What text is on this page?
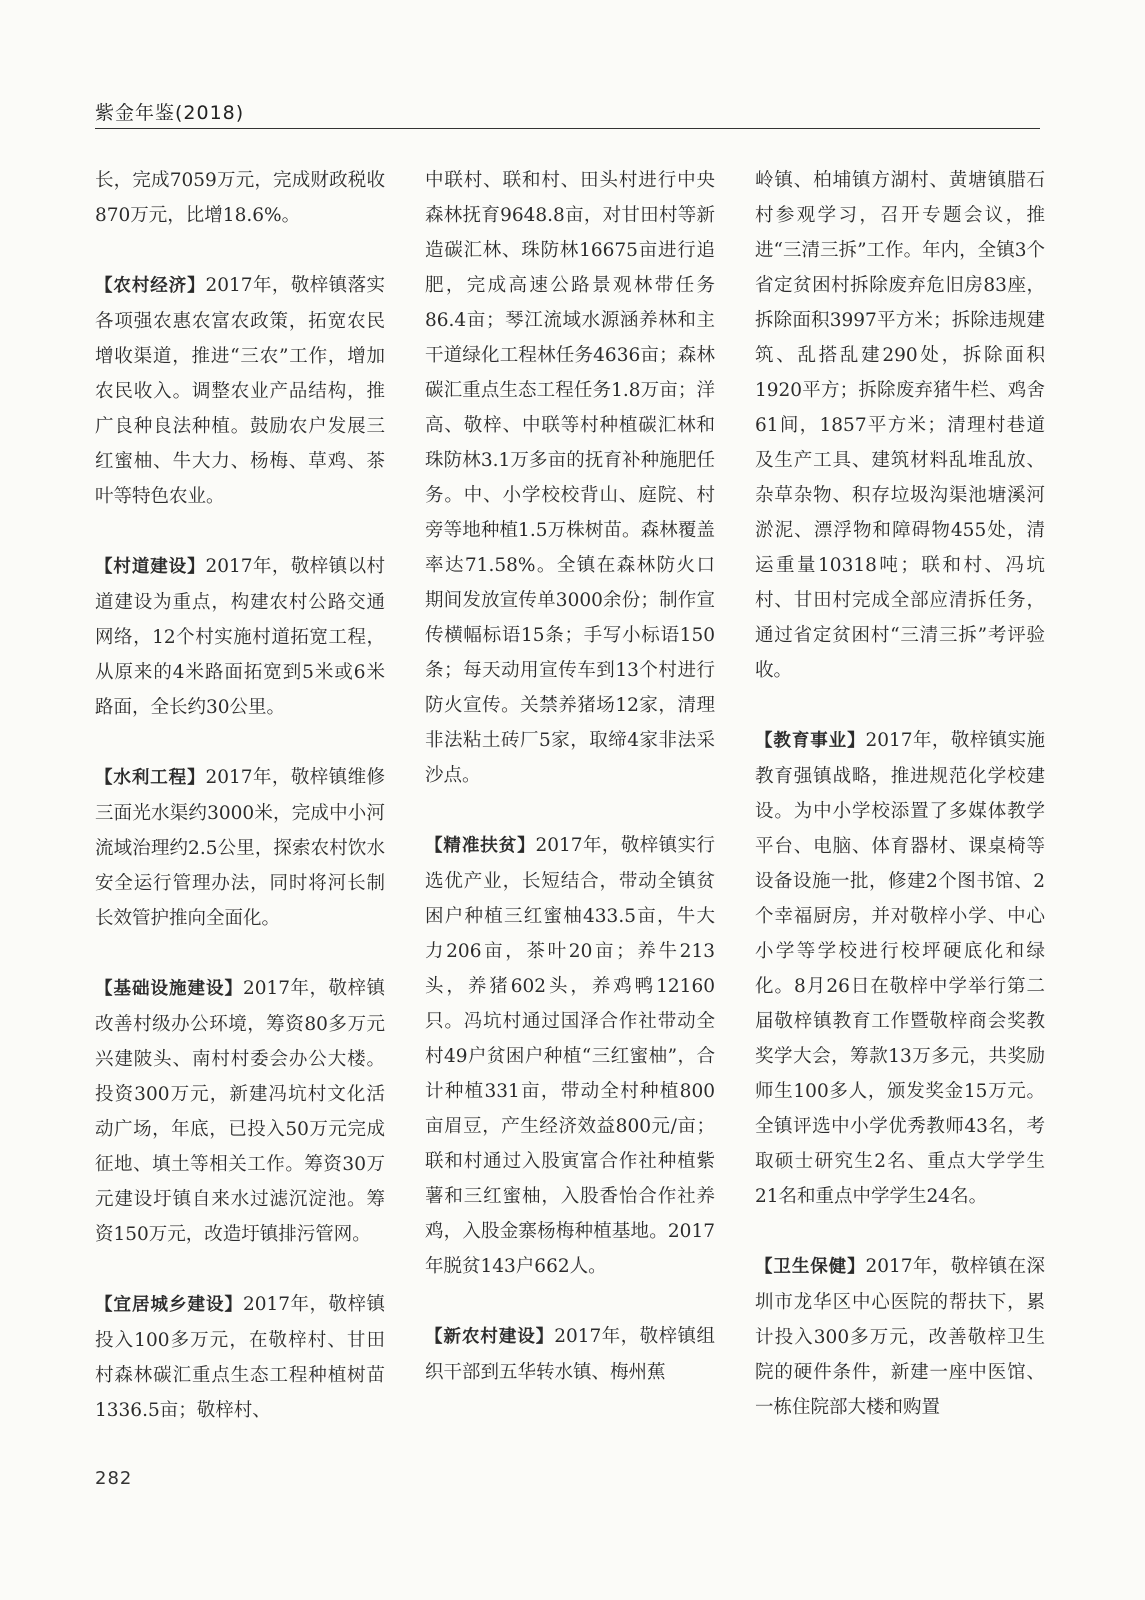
紫金年鉴(2018)

长，完成7059万元，完成财政税收870万元，比增18.6%。

【农村经济】2017年，敬梓镇落实各项强农惠农富农政策，拓宽农民增收渠道，推进“三农”工作，增加农民收入。调整农业产品结构，推广良种良法种植。鼓励农户发展三红蜜柚、牛大力、杨梅、草鸡、茶叶等特色农业。

【村道建设】2017年，敬梓镇以村道建设为重点，构建农村公路交通网络，12个村实施村道拓宽工程，从原来的4米路面拓宽到5米或6米路面，全长约30公里。

【水利工程】2017年，敬梓镇维修三面光水渠约3000米，完成中小河流域治理约2.5公里，探索农村饮水安全运行管理办法，同时将河长制长效管护推向全面化。

【基础设施建设】2017年，敬梓镇改善村级办公环境，筹资80多万元兴建陂头、南村村委会办公大楼。投资300万元，新建冯坑村文化活动广场，年底，已投入50万元完成征地、填土等相关工作。筹资30万元建设圩镇自来水过滤沉淀池。筹资150万元，改造圩镇排污管网。

【宜居城乡建设】2017年，敬梓镇投入100多万元，在敬梓村、甘田村森林碳汇重点生态工程种植树苗1336.5亩；敬梓村、

中联村、联和村、田头村进行中央森林抚育9648.8亩，对甘田村等新造碳汇林、珠防林16675亩进行追肥，完成高速公路景观林带任务86.4亩；琴江流域水源涵养林和主干道绿化工程林任务4636亩；森林碳汇重点生态工程任务1.8万亩；洋高、敬梓、中联等村种植碳汇林和珠防林3.1万多亩的抚育补种施肥任务。中、小学校校背山、庭院、村旁等地种植1.5万株树苗。森林覆盖率达71.58%。全镇在森林防火口期间发放宣传单3000余份；制作宣传横幅标语15条；手写小标语150条；每天动用宣传车到13个村进行防火宣传。关禁养猪场12家，清理非法粘土砖厂5家，取缔4家非法采沙点。

【精准扶贫】2017年，敬梓镇实行选优产业，长短结合，带动全镇贫困户种植三红蜜柚433.5亩，牛大力206亩，茶叶20亩；养牛213头，养猪602头，养鸡鸭12160只。冯坑村通过国泽合作社带动全村49户贫困户种植“三红蜜柚”，合计种植331亩，带动全村种植800亩眉豆，产生经济效益800元/亩；联和村通过入股寅富合作社种植紫薯和三红蜜柚，入股香怡合作社养鸡，入股金寨杨梅种植基地。2017年脱贫143户662人。

【新农村建设】2017年，敬梓镇组织干部到五华转水镇、梅州蕉

岭镇、柏埔镇方湖村、黄塘镇腊石村参观学习，召开专题会议，推进“三清三拆”工作。年内，全镇3个省定贫困村拆除废弃危旧房83座，拆除面积3997平方米；拆除违规建筑、乱搭乱建290处，拆除面积1920平方；拆除废弃猪牛栏、鸡舍61间，1857平方米；清理村巷道及生产工具、建筑材料乱堆乱放、杂草杂物、积存垃圾沟渠池塘溪河淤泥、漂浮物和障碍物455处，清运重量10318吨；联和村、冯坑村、甘田村完成全部应清拆任务，通过省定贫困村“三清三拆”考评验收。

【教育事业】2017年，敬梓镇实施教育强镇战略，推进规范化学校建设。为中小学校添置了多媒体教学平台、电脑、体育器材、课桌椅等设备设施一批，修建2个图书馆、2个幸福厨房，并对敬梓小学、中心小学等学校进行校坪硬底化和绿化。8月26日在敬梓中学举行第二届敬梓镇教育工作暨敬梓商会奖教奖学大会，筹款13万多元，共奖励师生100多人，颁发奖金15万元。全镇评选中小学优秀教师43名，考取硕士研究生2名、重点大学学生21名和重点中学学生24名。

【卫生保健】2017年，敬梓镇在深圳市龙华区中心医院的帮扶下，累计投入300多万元，改善敬梓卫生院的硬件条件，新建一座中医馆、一栋住院部大楼和购置

282
